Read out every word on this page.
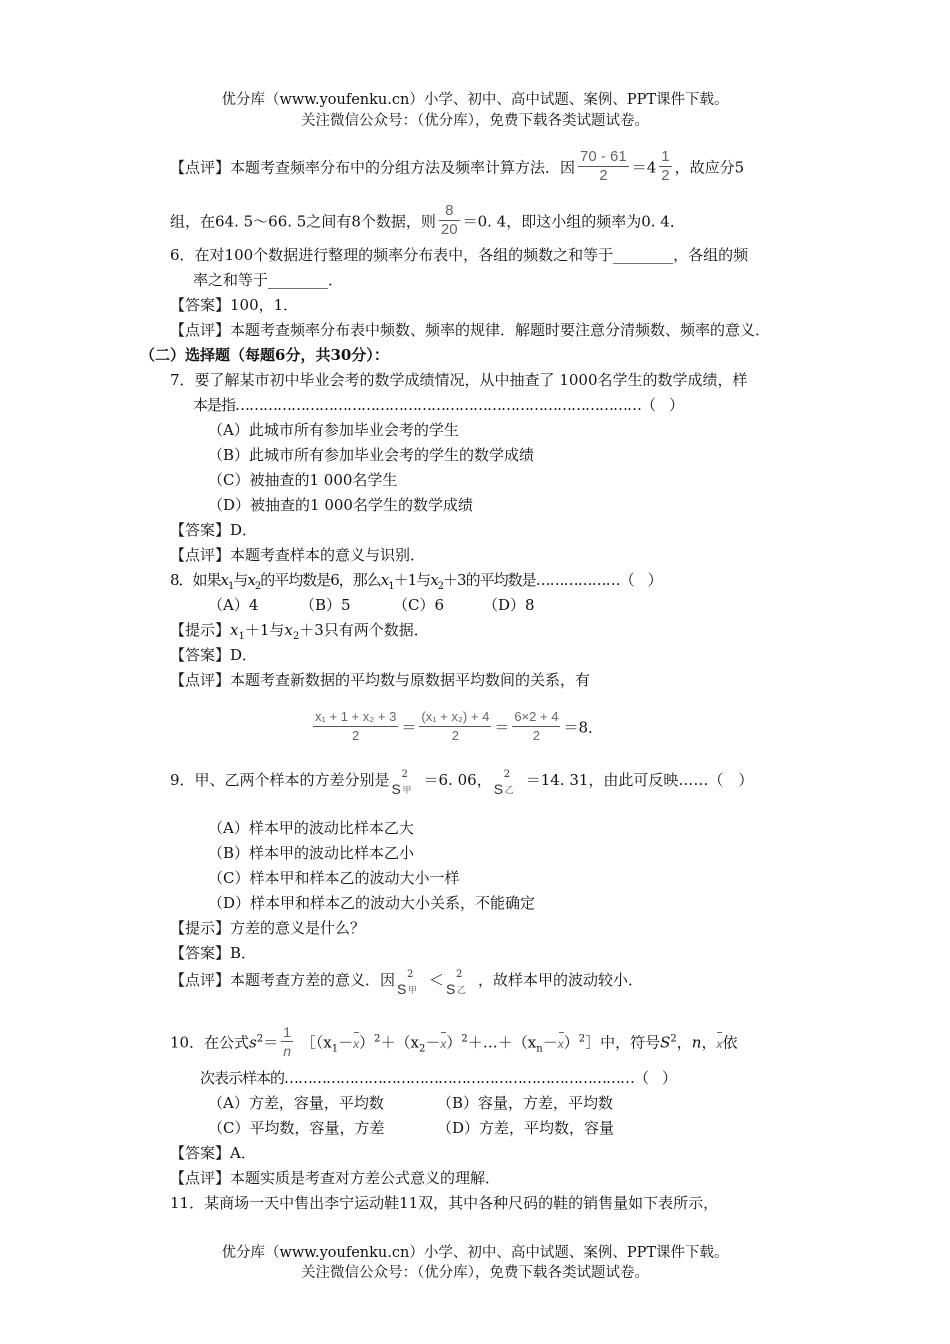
优分库（www.youfenku.cn）小学、初中、高中试题、案例、PPT课件下载。
关注微信公众号：（优分库），免费下载各类试题试卷。
【点评】本题考查频率分布中的分组方法及频率计算方法．因 $\frac{70 - 61}{2} =4 \frac{1}{2}$ ，故应分5
组，在64. 5～66. 5之间有8个数据，则 $\frac{8}{20} =0$. 4，即这小组的频率为0. 4．
6．在对100个数据进行整理的频率分布表中，各组的频数之和等于________，各组的频
率之和等于________．
【答案】100，1．
【点评】本题考查频率分布表中频数、频率的规律．解题时要注意分清频数、频率的意义．
（二）选择题（每题6分，共30分）：
7．要了解某市初中毕业会考的数学成绩情况，从中抽查了 1000名学生的数学成绩，样
本是指……………………………………………………………………………（　）
（A）此城市所有参加毕业会考的学生
（B）此城市所有参加毕业会考的学生的数学成绩
（C）被抽查的1 000名学生
（D）被抽查的1 000名学生的数学成绩
【答案】D．
【点评】本题考查样本的意义与识别．
8．如果$x_1$与$x_2$的平均数是6，那么$x_1+1$与$x_2+3$的平均数是………………（　）
（A）4	（B）5	（C）6	（D）8
【提示】$x_1+1$与$x_2+3$只有两个数据．
【答案】D．
【点评】本题考查新数据的平均数与原数据平均数间的关系，有
$\frac{\text{x₁ + 1 + x₂ + 3}}{2} = \frac{\text{(x₁ + x₂) + 4}}{2} = \frac{6\times 2 + 4}{2} =8$．
9．甲、乙两个样本的方差分别是 S
2
甲
＝6. 06， S
2
乙
＝14. 31，由此可反映……（　）
（A）样本甲的波动比样本乙大
（B）样本甲的波动比样本乙小
（C）样本甲和样本乙的波动大小一样
（D）样本甲和样本乙的波动大小关系，不能确定
【提示】方差的意义是什么？
【答案】B．
【点评】本题考查方差的意义．因 S
2
甲
＜ S
2
乙
，故样本甲的波动较小．
10．在公式$s^2= \frac{1}{n}$ $[(x_1-x)^2+(x_2-x)^2+\dots+(x_n-x)^2]$中，符号$S^2$，n，x依
次表示样本的…………………………………………………………………（　）
（A）方差，容量，平均数	（B）容量，方差，平均数
（C）平均数，容量，方差	（D）方差，平均数，容量
【答案】A．
【点评】本题实质是考查对方差公式意义的理解．
11．某商场一天中售出李宁运动鞋11双，其中各种尺码的鞋的销售量如下表所示，
优分库（www.youfenku.cn）小学、初中、高中试题、案例、PPT课件下载。
关注微信公众号：（优分库），免费下载各类试题试卷。
